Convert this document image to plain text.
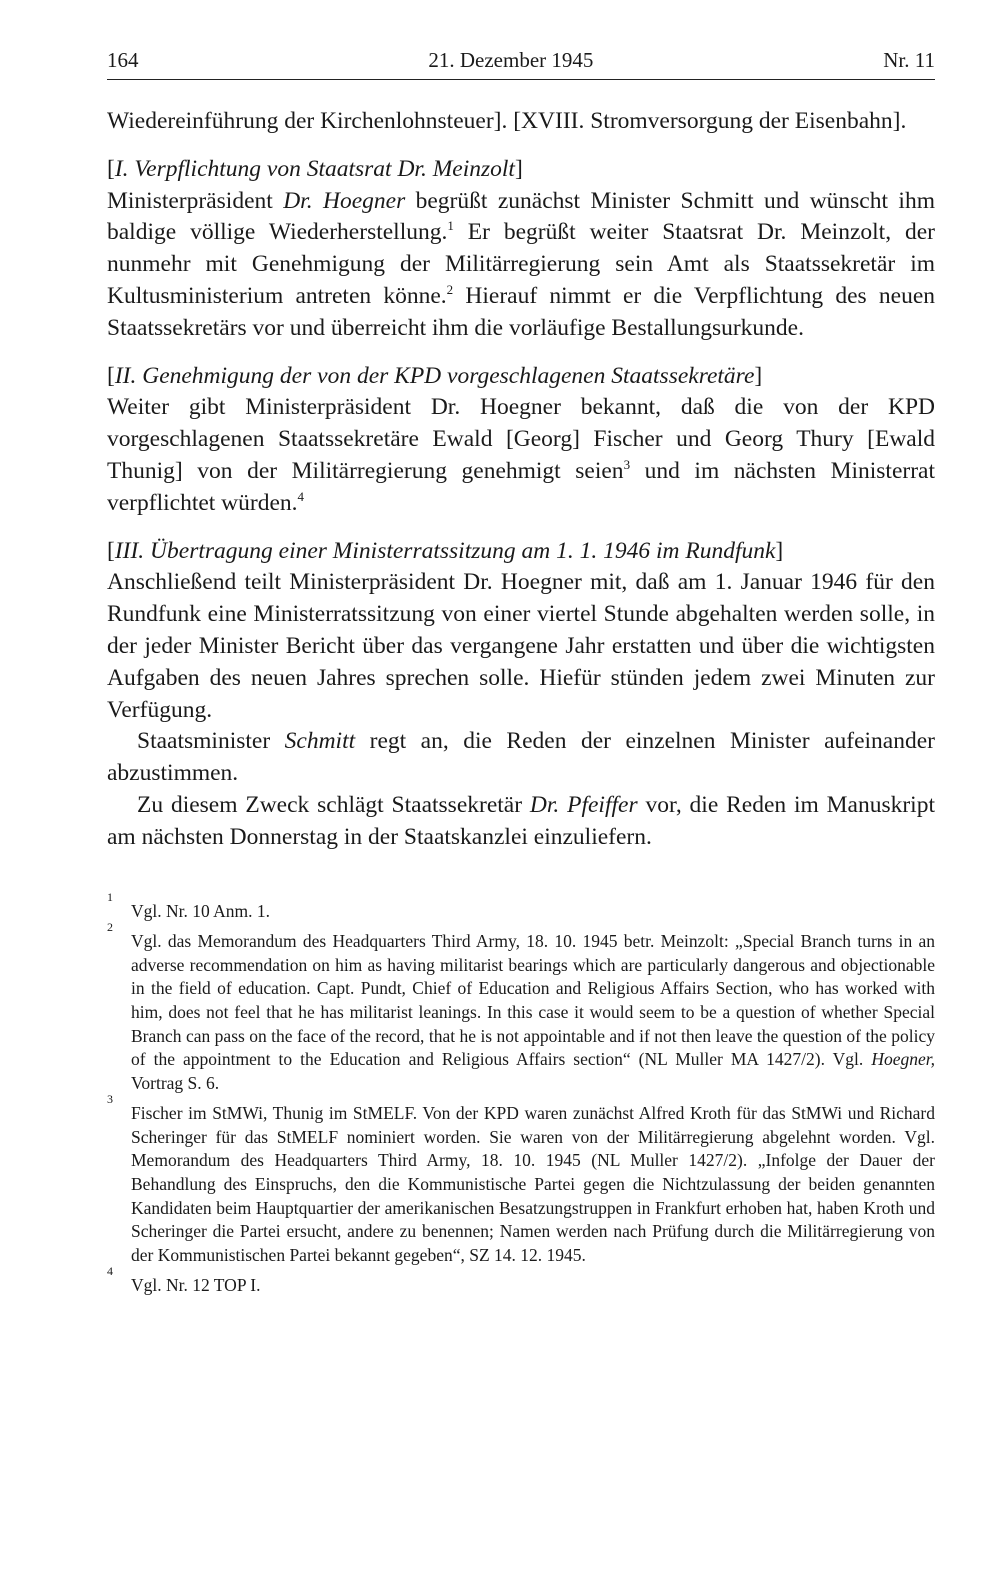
164	21. Dezember 1945	Nr. 11

Wiedereinführung der Kirchenlohnsteuer]. [XVIII. Stromversorgung der Eisenbahn].

[I. Verpflichtung von Staatsrat Dr. Meinzolt]

Ministerpräsident Dr. Hoegner begrüßt zunächst Minister Schmitt und wünscht ihm baldige völlige Wiederherstellung.$^1$ Er begrüßt weiter Staatsrat Dr. Meinzolt, der nunmehr mit Genehmigung der Militärregierung sein Amt als Staatssekretär im Kultusministerium antreten könne.$^2$ Hierauf nimmt er die Verpflichtung des neuen Staatssekretärs vor und überreicht ihm die vorläufige Bestallungsurkunde.

[II. Genehmigung der von der KPD vorgeschlagenen Staatssekretäre]

Weiter gibt Ministerpräsident Dr. Hoegner bekannt, daß die von der KPD vorgeschlagenen Staatssekretäre Ewald [Georg] Fischer und Georg Thury [Ewald Thunig] von der Militärregierung genehmigt seien$^3$ und im nächsten Ministerrat verpflichtet würden.$^4$

[III. Übertragung einer Ministerratssitzung am 1. 1. 1946 im Rundfunk]

Anschließend teilt Ministerpräsident Dr. Hoegner mit, daß am 1. Januar 1946 für den Rundfunk eine Ministerratssitzung von einer viertel Stunde abgehalten werden solle, in der jeder Minister Bericht über das vergangene Jahr erstatten und über die wichtigsten Aufgaben des neuen Jahres sprechen solle. Hiefür stünden jedem zwei Minuten zur Verfügung.

Staatsminister Schmitt regt an, die Reden der einzelnen Minister aufeinander abzustimmen.

Zu diesem Zweck schlägt Staatssekretär Dr. Pfeiffer vor, die Reden im Manuskript am nächsten Donnerstag in der Staatskanzlei einzuliefern.

1
Vgl. Nr. 10 Anm. 1.

2
Vgl. das Memorandum des Headquarters Third Army, 18. 10. 1945 betr. Meinzolt: „Special Branch turns in an adverse recommendation on him as having militarist bearings which are particularly dangerous and objectionable in the field of education. Capt. Pundt, Chief of Education and Religious Affairs Section, who has worked with him, does not feel that he has militarist leanings. In this case it would seem to be a question of whether Special Branch can pass on the face of the record, that he is not appointable and if not then leave the question of the policy of the appointment to the Education and Religious Affairs section“ (NL Muller MA 1427/2). Vgl. Hoegner, Vortrag S. 6.

3
Fischer im StMWi, Thunig im StMELF. Von der KPD waren zunächst Alfred Kroth für das StMWi und Richard Scheringer für das StMELF nominiert worden. Sie waren von der Militärregierung abgelehnt worden. Vgl. Memorandum des Headquarters Third Army, 18. 10. 1945 (NL Muller 1427/2). „Infolge der Dauer der Behandlung des Einspruchs, den die Kommunistische Partei gegen die Nichtzulassung der beiden genannten Kandidaten beim Hauptquartier der amerikanischen Besatzungstruppen in Frankfurt erhoben hat, haben Kroth und Scheringer die Partei ersucht, andere zu benennen; Namen werden nach Prüfung durch die Militärregierung von der Kommunistischen Partei bekannt gegeben“, SZ 14. 12. 1945.

4
Vgl. Nr. 12 TOP I.
